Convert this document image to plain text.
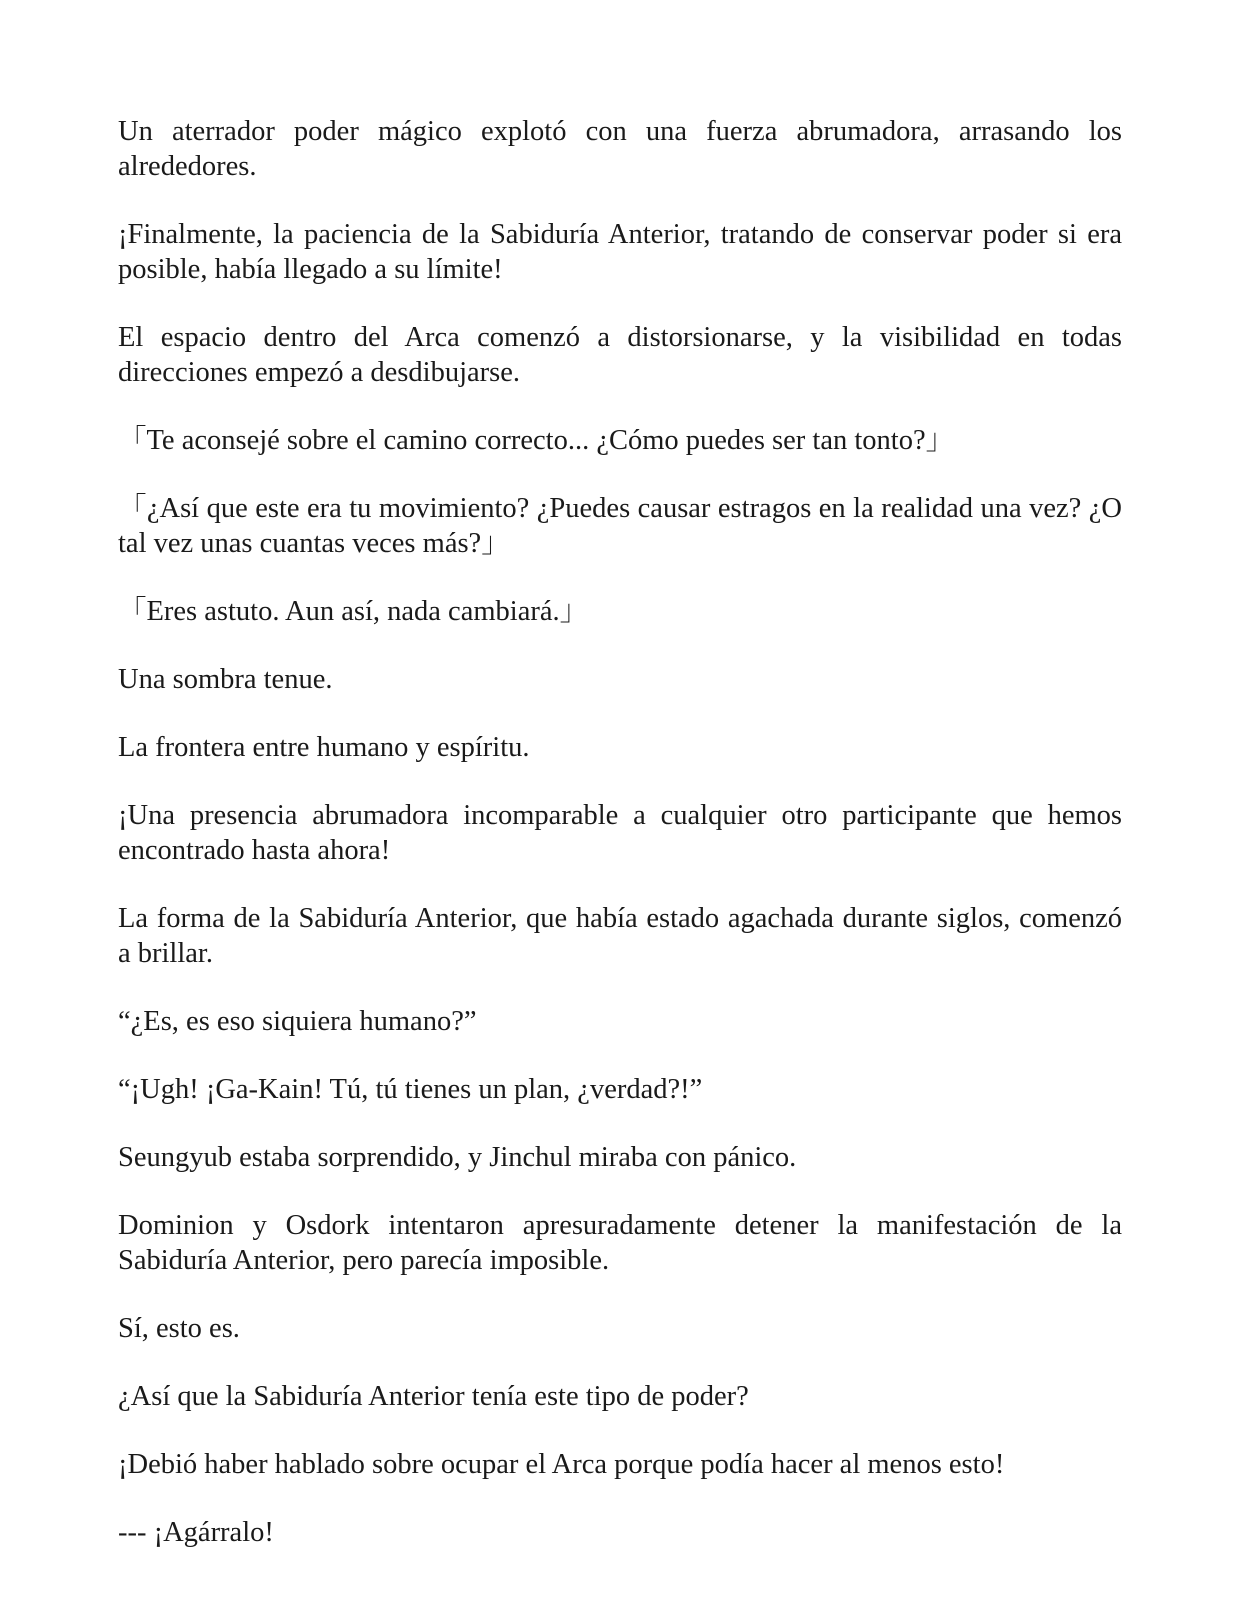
Un aterrador poder mágico explotó con una fuerza abrumadora, arrasando los alrededores.

¡Finalmente, la paciencia de la Sabiduría Anterior, tratando de conservar poder si era posible, había llegado a su límite!

El espacio dentro del Arca comenzó a distorsionarse, y la visibilidad en todas direcciones empezó a desdibujarse.

「Te aconsejé sobre el camino correcto... ¿Cómo puedes ser tan tonto?」

「¿Así que este era tu movimiento? ¿Puedes causar estragos en la realidad una vez? ¿O tal vez unas cuantas veces más?」

「Eres astuto. Aun así, nada cambiará.」

Una sombra tenue.

La frontera entre humano y espíritu.

¡Una presencia abrumadora incomparable a cualquier otro participante que hemos encontrado hasta ahora!

La forma de la Sabiduría Anterior, que había estado agachada durante siglos, comenzó a brillar.

“¿Es, es eso siquiera humano?”

“¡Ugh! ¡Ga-Kain! Tú, tú tienes un plan, ¿verdad?!”

Seungyub estaba sorprendido, y Jinchul miraba con pánico.

Dominion y Osdork intentaron apresuradamente detener la manifestación de la Sabiduría Anterior, pero parecía imposible.

Sí, esto es.

¿Así que la Sabiduría Anterior tenía este tipo de poder?

¡Debió haber hablado sobre ocupar el Arca porque podía hacer al menos esto!

--- ¡Agárralo!
